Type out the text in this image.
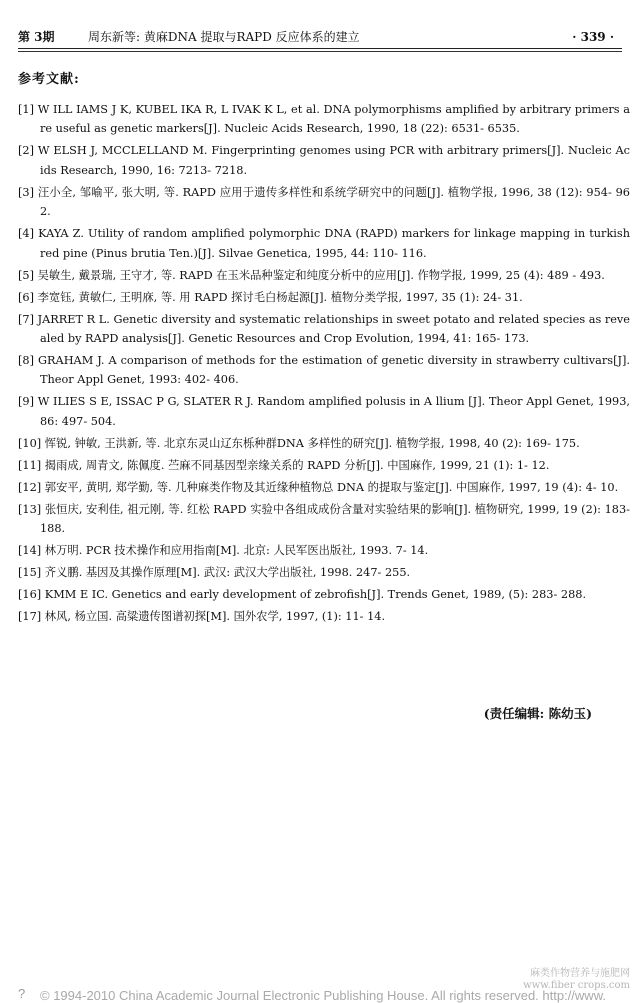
第 3期	周东新等: 黄麻DNA 提取与RAPD 反应体系的建立	· 339 ·
参考文献:
[1] W ILL IAMS J K, KUBEL IKA R, L IVAK K L, et al. DNA polymorphisms amplified by arbitrary primers are useful as genetic markers[J]. Nucleic Acids Research, 1990, 18 (22): 6531- 6535.
[2] W ELSH J, MCCLELLAND M. Fingerprinting genomes using PCR with arbitrary primers[J]. Nucleic Acids Research, 1990, 16: 7213- 7218.
[3] 汪小全, 邹喻平, 张大明, 等. RAPD 应用于遗传多样性和系统学研究中的问题[J]. 植物学报, 1996, 38 (12): 954- 962.
[4] KAYA Z. Utility of random amplified polymorphic DNA (RAPD) markers for linkage mapping in turkish red pine (Pinus brutia Ten.)[J]. Silvae Genetica, 1995, 44: 110- 116.
[5] 吴敏生, 戴景瑞, 王守才, 等. RAPD 在玉米品种鉴定和纯度分析中的应用[J]. 作物学报, 1999, 25 (4): 489 - 493.
[6] 李宽钰, 黄敏仁, 王明庥, 等. 用 RAPD 探讨毛白杨起源[J]. 植物分类学报, 1997, 35 (1): 24- 31.
[7] JARRET R L. Genetic diversity and systematic relationships in sweet potato and related species as revealed by RAPD analysis[J]. Genetic Resources and Crop Evolution, 1994, 41: 165- 173.
[8] GRAHAM J. A comparison of methods for the estimation of genetic diversity in strawberry cultivars[J]. Theor Appl Genet, 1993: 402- 406.
[9] W ILIES S E, ISSAC P G, SLATER R J. Random amplified polusis in A llium [J]. Theor Appl Genet, 1993, 86: 497- 504.
[10] 恽锐, 钟敏, 王洪新, 等. 北京东灵山辽东栎种群DNA 多样性的研究[J]. 植物学报, 1998, 40 (2): 169- 175.
[11] 揭雨成, 周青文, 陈佩度. 苎麻不同基因型亲缘关系的 RAPD 分析[J]. 中国麻作, 1999, 21 (1): 1- 12.
[12] 郭安平, 黄明, 郑学勤, 等. 几种麻类作物及其近缘种植物总 DNA 的提取与鉴定[J]. 中国麻作, 1997, 19 (4): 4- 10.
[13] 张恒庆, 安利佳, 祖元刚, 等. 红松 RAPD 实验中各组成成份含量对实验结果的影响[J]. 植物研究, 1999, 19 (2): 183- 188.
[14] 林万明. PCR 技术操作和应用指南[M]. 北京: 人民军医出版社, 1993. 7- 14.
[15] 齐义鹏. 基因及其操作原理[M]. 武汉: 武汉大学出版社, 1998. 247- 255.
[16] KMM E IC. Genetics and early development of zebrofish[J]. Trends Genet, 1989, (5): 283- 288.
[17] 林风, 杨立国. 高粱遗传图谱初探[M]. 国外农学, 1997, (1): 11- 14.
(责任编辑: 陈幼玉)
麻类作物营养与施肥网
www.fiber crops.com
?	© 1994-2010 China Academic Journal Electronic Publishing House. All rights reserved. http://www.
